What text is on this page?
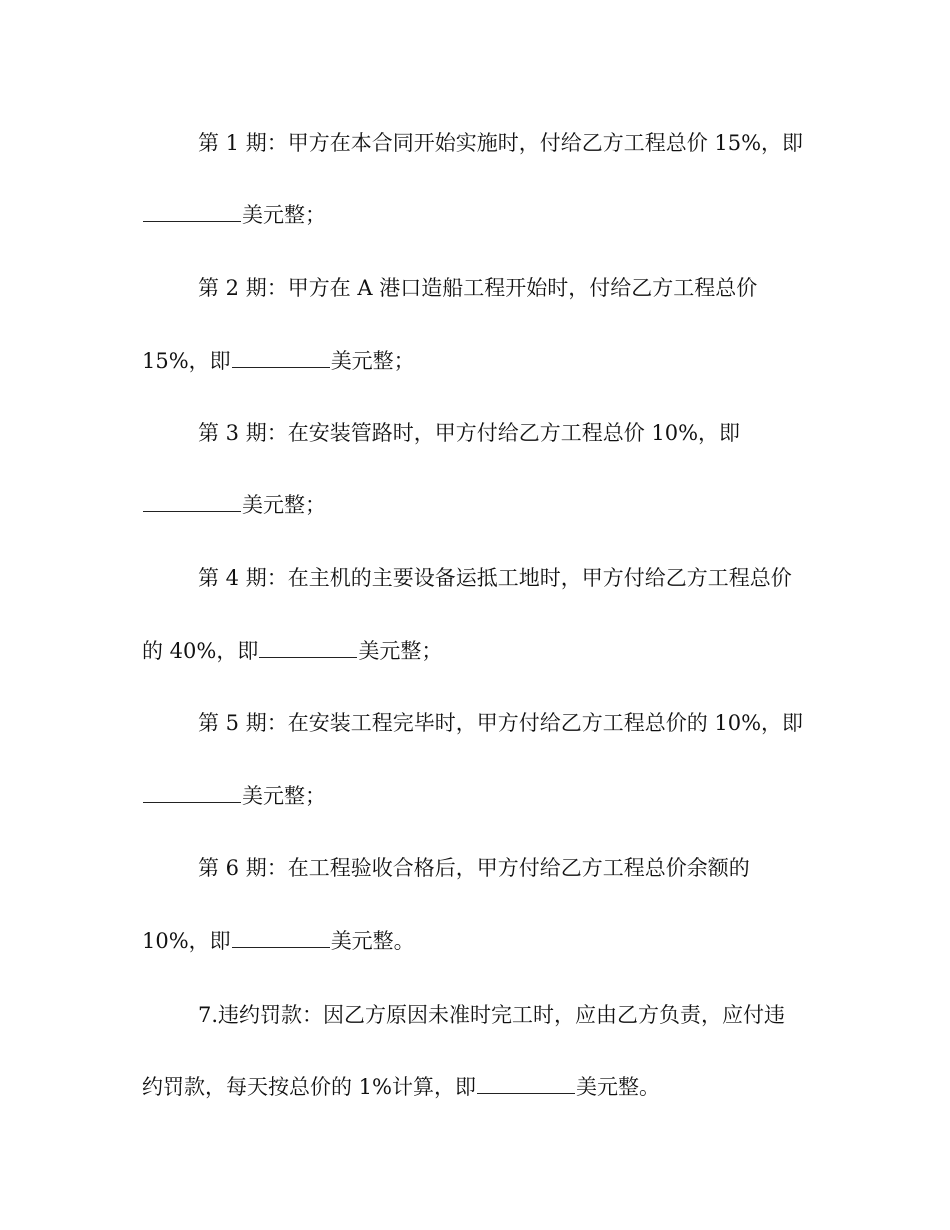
第 1 期：甲方在本合同开始实施时，付给乙方工程总价 15%，即
美元整；
第 2 期：甲方在 A 港口造船工程开始时，付给乙方工程总价
15%，即	美元整；
第 3 期：在安装管路时，甲方付给乙方工程总价 10%，即
美元整；
第 4 期：在主机的主要设备运抵工地时，甲方付给乙方工程总价
的 40%，即	美元整；
第 5 期：在安装工程完毕时，甲方付给乙方工程总价的 10%，即
美元整；
第 6 期：在工程验收合格后，甲方付给乙方工程总价余额的
10%，即	美元整。
7.违约罚款：因乙方原因未准时完工时，应由乙方负责，应付违
约罚款，每天按总价的 1%计算，即	美元整。
